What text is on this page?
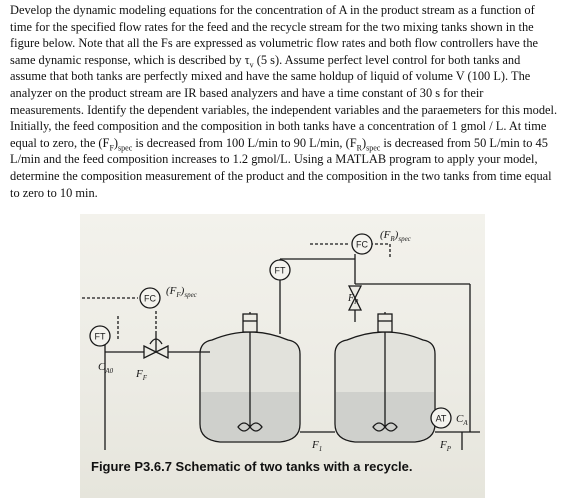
Develop the dynamic modeling equations for the concentration of A in the product stream as a function of time for the specified flow rates for the feed and the recycle stream for the two mixing tanks shown in the figure below. Note that all the Fs are expressed as volumetric flow rates and both flow controllers have the same dynamic response, which is described by $\tau_v$ (5 s). Assume perfect level control for both tanks and assume that both tanks are perfectly mixed and have the same holdup of liquid of volume V (100 L). The analyzer on the product stream are IR based analyzers and have a time constant of 30 s for their measurements. Identify the dependent variables, the independent variables and the paraemeters for this model. Initially, the feed composition and the composition in both tanks have a concentration of 1 gmol / L. At time equal to zero, the $(F_F)_{spec}$ is decreased from 100 L/min to 90 L/min, $(F_R)_{spec}$ is decreased from 50 L/min to 45 L/min and the feed composition increases to 1.2 gmol/L. Using a MATLAB program to apply your model, determine the composition measurement of the product and the composition in the two tanks from time equal to zero to 10 min.
FT
FC
FT
FC
AT
$(F_R)_{spec}$
$(F_F)_{spec}$	$F_R$
$C_{A0}$ $F_F$
$F_1$
$C_A$
$F_P$
Figure P3.6.7 Schematic of two tanks with a recycle.
